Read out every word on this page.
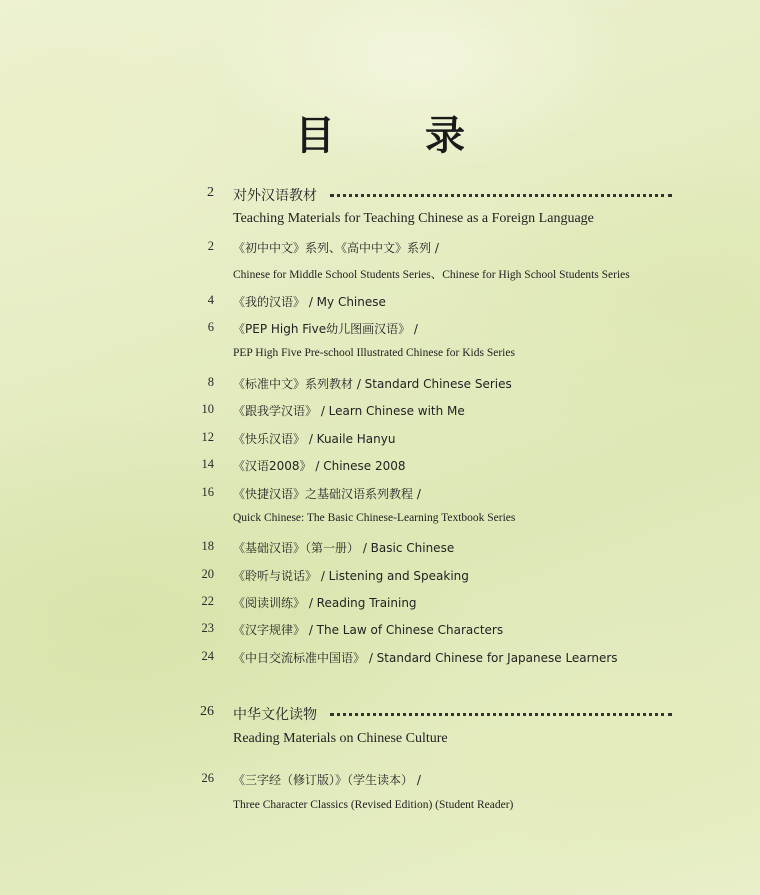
目 录
2 对外汉语教材
Teaching Materials for Teaching Chinese as a Foreign Language
2 《初中中文》系列、《高中中文》系列 /
Chinese for Middle School Students Series、Chinese for High School Students Series
4 《我的汉语》 / My Chinese
6 《PEP High Five幼儿图画汉语》 /
PEP High Five Pre-school Illustrated Chinese for Kids Series
8 《标准中文》系列教材 / Standard Chinese Series
10 《跟我学汉语》 / Learn Chinese with Me
12 《快乐汉语》 / Kuaile Hanyu
14 《汉语2008》 / Chinese 2008
16 《快捷汉语》之基础汉语系列教程 /
Quick Chinese: The Basic Chinese-Learning Textbook Series
18 《基础汉语》（第一册） / Basic Chinese
20 《聆听与说话》 / Listening and Speaking
22 《阅读训练》 / Reading Training
23 《汉字规律》 / The Law of Chinese Characters
24 《中日交流标准中国语》 / Standard Chinese for Japanese Learners
26 中华文化读物
Reading Materials on Chinese Culture
26 《三字经（修订版）》（学生读本） /
Three Character Classics (Revised Edition) (Student Reader)
